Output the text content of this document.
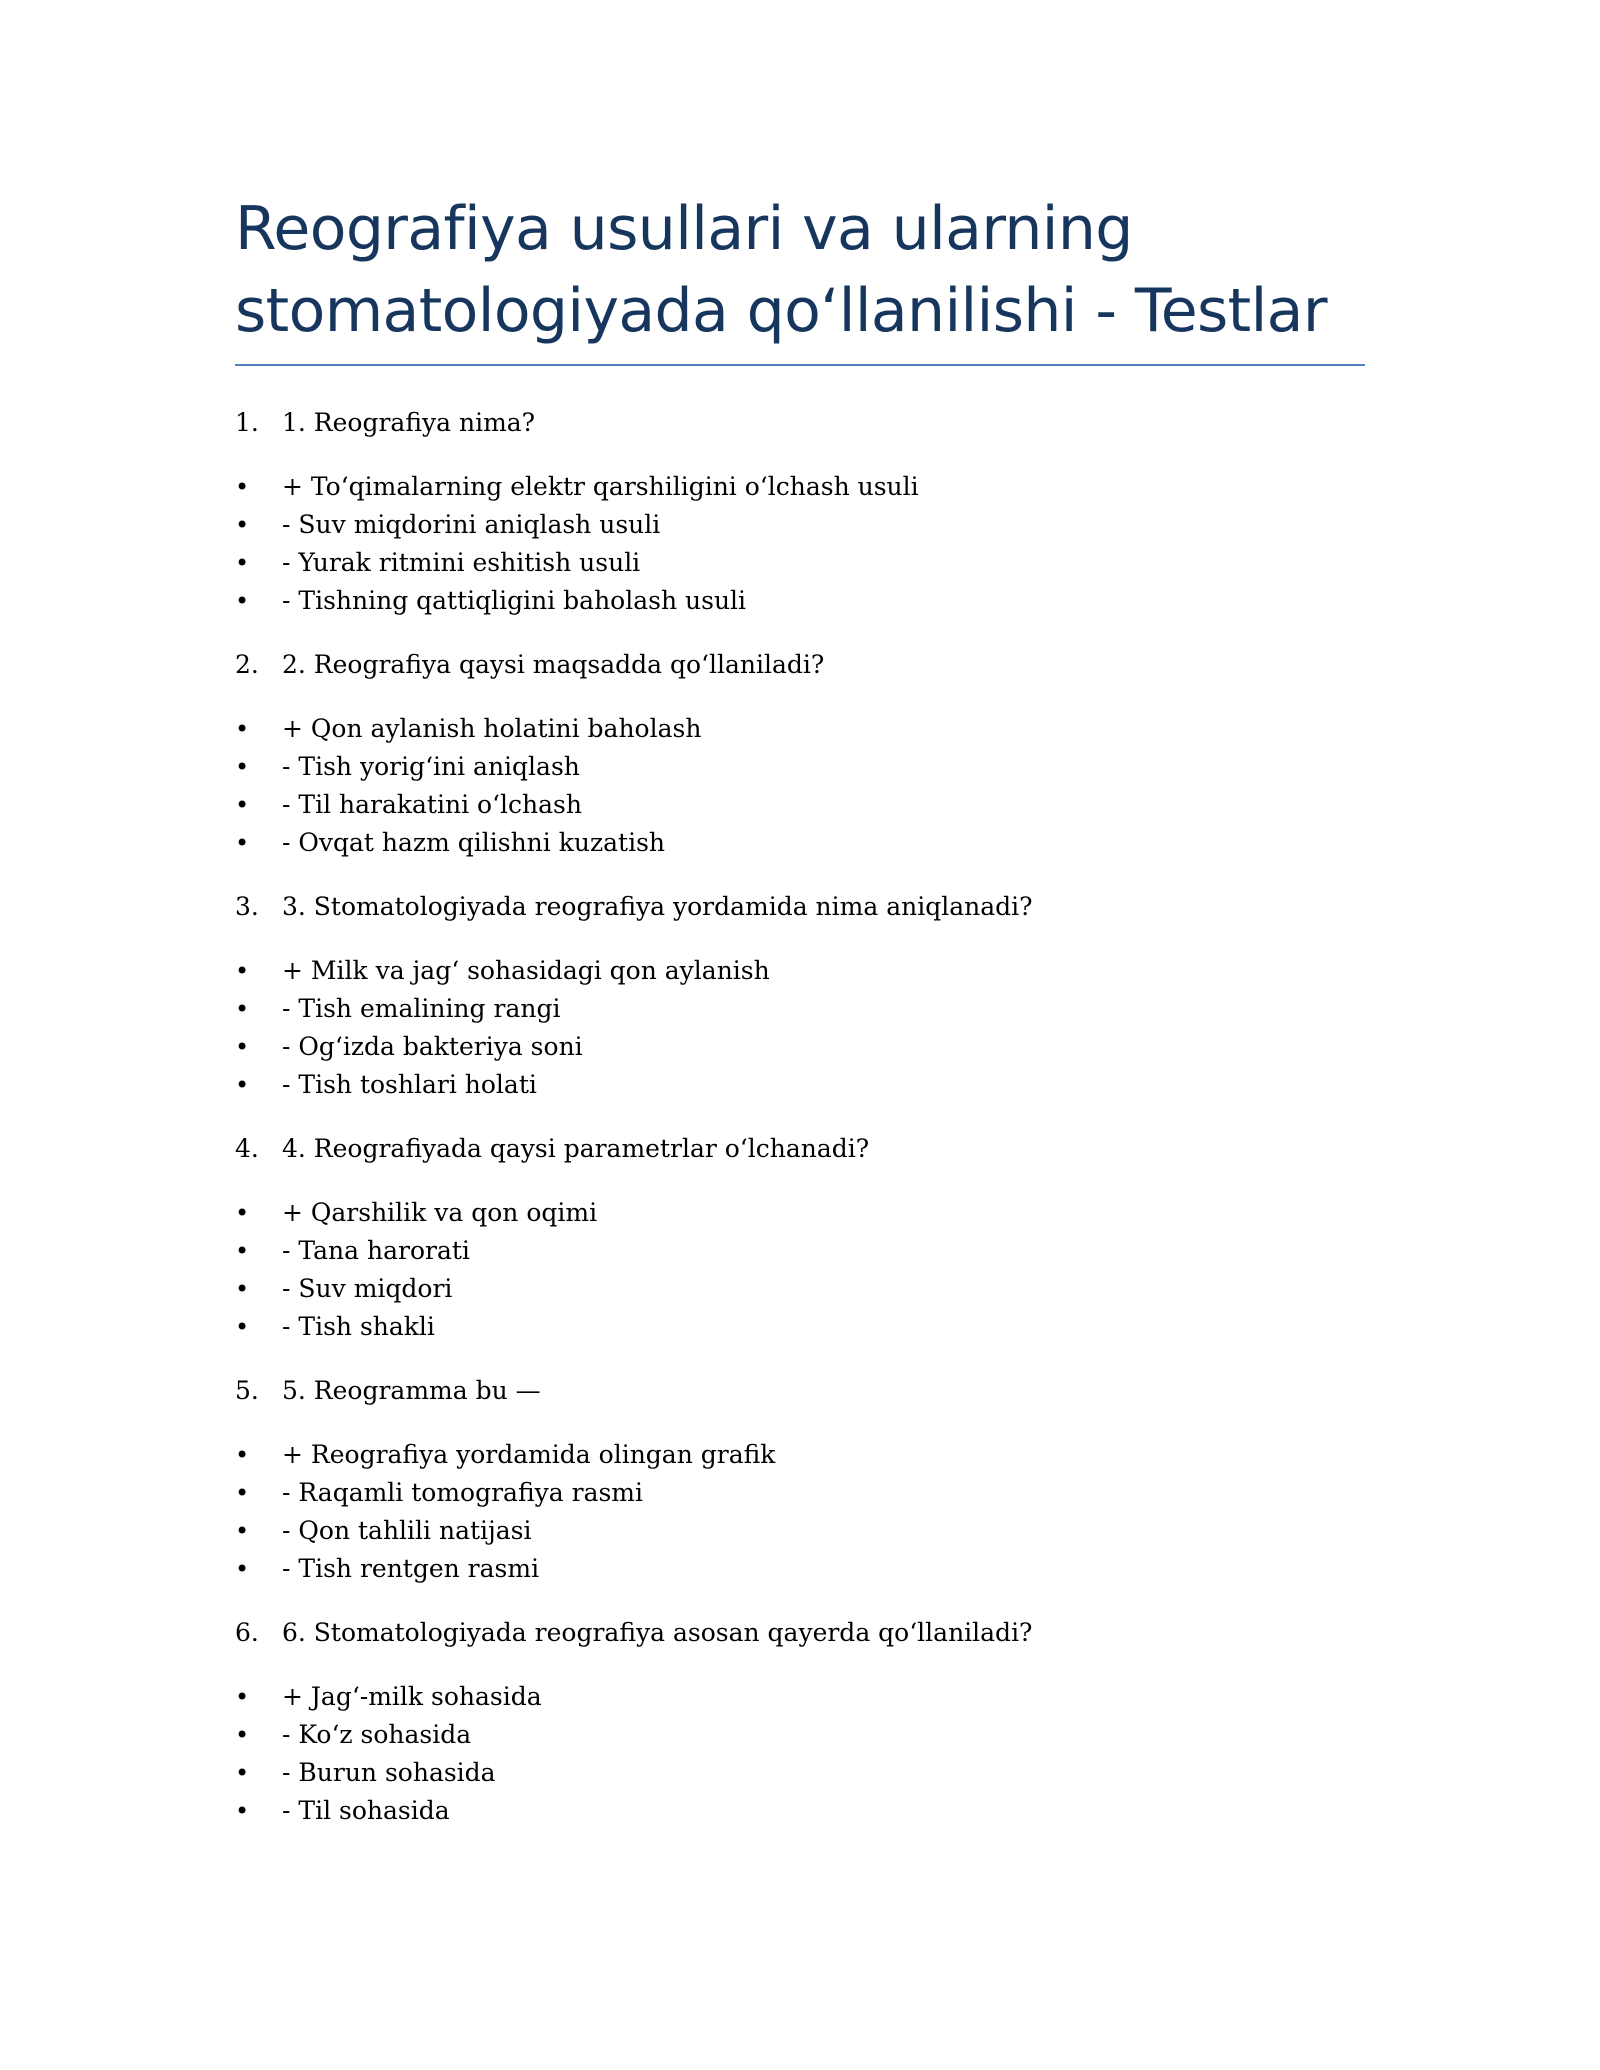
Reografiya usullari va ularning
stomatologiyada qo‘llanilishi - Testlar
1. 1. Reografiya nima?
• + To‘qimalarning elektr qarshiligini o‘lchash usuli
• - Suv miqdorini aniqlash usuli
• - Yurak ritmini eshitish usuli
• - Tishning qattiqligini baholash usuli
2. 2. Reografiya qaysi maqsadda qo‘llaniladi?
• + Qon aylanish holatini baholash
• - Tish yorig‘ini aniqlash
• - Til harakatini o‘lchash
• - Ovqat hazm qilishni kuzatish
3. 3. Stomatologiyada reografiya yordamida nima aniqlanadi?
• + Milk va jag‘ sohasidagi qon aylanish
• - Tish emalining rangi
• - Og‘izda bakteriya soni
• - Tish toshlari holati
4. 4. Reografiyada qaysi parametrlar o‘lchanadi?
• + Qarshilik va qon oqimi
• - Tana harorati
• - Suv miqdori
• - Tish shakli
5. 5. Reogramma bu —
• + Reografiya yordamida olingan grafik
• - Raqamli tomografiya rasmi
• - Qon tahlili natijasi
• - Tish rentgen rasmi
6. 6. Stomatologiyada reografiya asosan qayerda qo‘llaniladi?
• + Jag‘-milk sohasida
• - Ko‘z sohasida
• - Burun sohasida
• - Til sohasida
